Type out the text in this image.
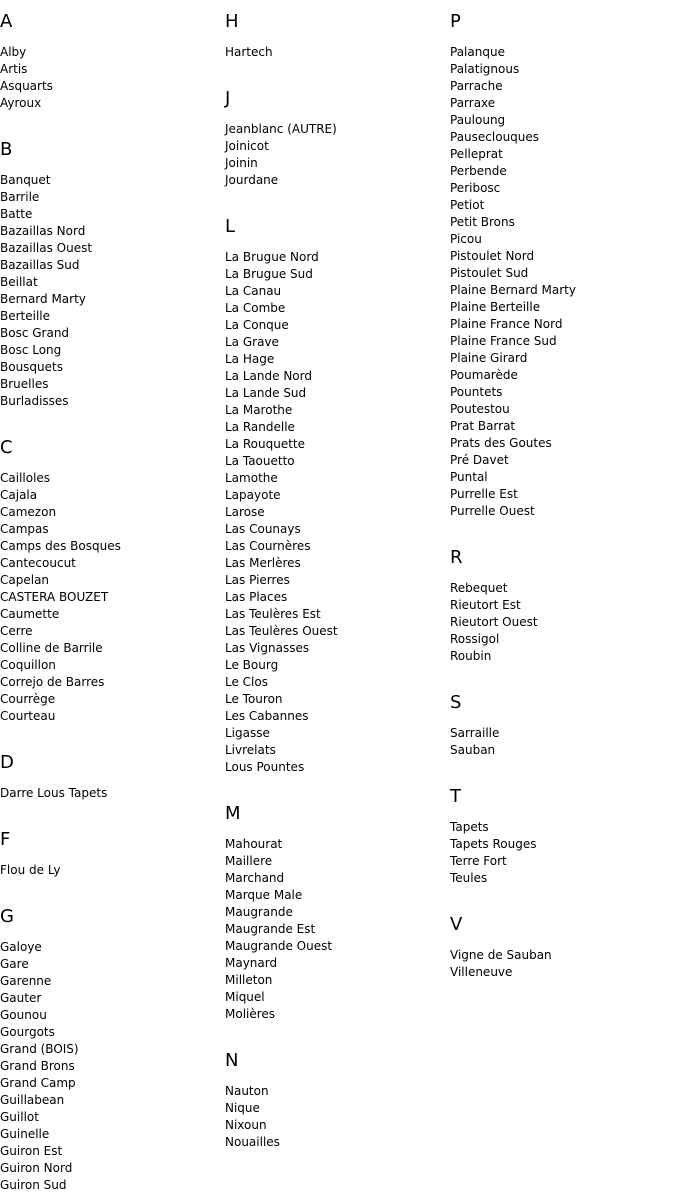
A
Alby
Artis
Asquarts
Ayroux
B
Banquet
Barrile
Batte
Bazaillas Nord
Bazaillas Ouest
Bazaillas Sud
Beillat
Bernard Marty
Berteille
Bosc Grand
Bosc Long
Bousquets
Bruelles
Burladisses
C
Cailloles
Cajala
Camezon
Campas
Camps des Bosques
Cantecoucut
Capelan
CASTERA BOUZET
Caumette
Cerre
Colline de Barrile
Coquillon
Correjo de Barres
Courrège
Courteau
D
Darre Lous Tapets
F
Flou de Ly
G
Galoye
Gare
Garenne
Gauter
Gounou
Gourgots
Grand (BOIS)
Grand Brons
Grand Camp
Guillabean
Guillot
Guinelle
Guiron Est
Guiron Nord
Guiron Sud
H
Hartech
J
Jeanblanc (AUTRE)
Joinicot
Joinin
Jourdane
L
La Brugue Nord
La Brugue Sud
La Canau
La Combe
La Conque
La Grave
La Hage
La Lande Nord
La Lande Sud
La Marothe
La Randelle
La Rouquette
La Taouetto
Lamothe
Lapayote
Larose
Las Counays
Las Cournères
Las Merlères
Las Pierres
Las Places
Las Teulères Est
Las Teulères Ouest
Las Vignasses
Le Bourg
Le Clos
Le Touron
Les Cabannes
Ligasse
Livrelats
Lous Pountes
M
Mahourat
Maillere
Marchand
Marque Male
Maugrande
Maugrande Est
Maugrande Ouest
Maynard
Milleton
Miquel
Molières
N
Nauton
Nique
Nixoun
Nouailles
P
Palanque
Palatignous
Parrache
Parraxe
Pauloung
Pauseclouques
Pelleprat
Perbende
Peribosc
Petiot
Petit Brons
Picou
Pistoulet Nord
Pistoulet Sud
Plaine Bernard Marty
Plaine Berteille
Plaine France Nord
Plaine France Sud
Plaine Girard
Poumarède
Pountets
Poutestou
Prat Barrat
Prats des Goutes
Pré Davet
Puntal
Purrelle Est
Purrelle Ouest
R
Rebequet
Rieutort Est
Rieutort Ouest
Rossigol
Roubin
S
Sarraille
Sauban
T
Tapets
Tapets Rouges
Terre Fort
Teules
V
Vigne de Sauban
Villeneuve
